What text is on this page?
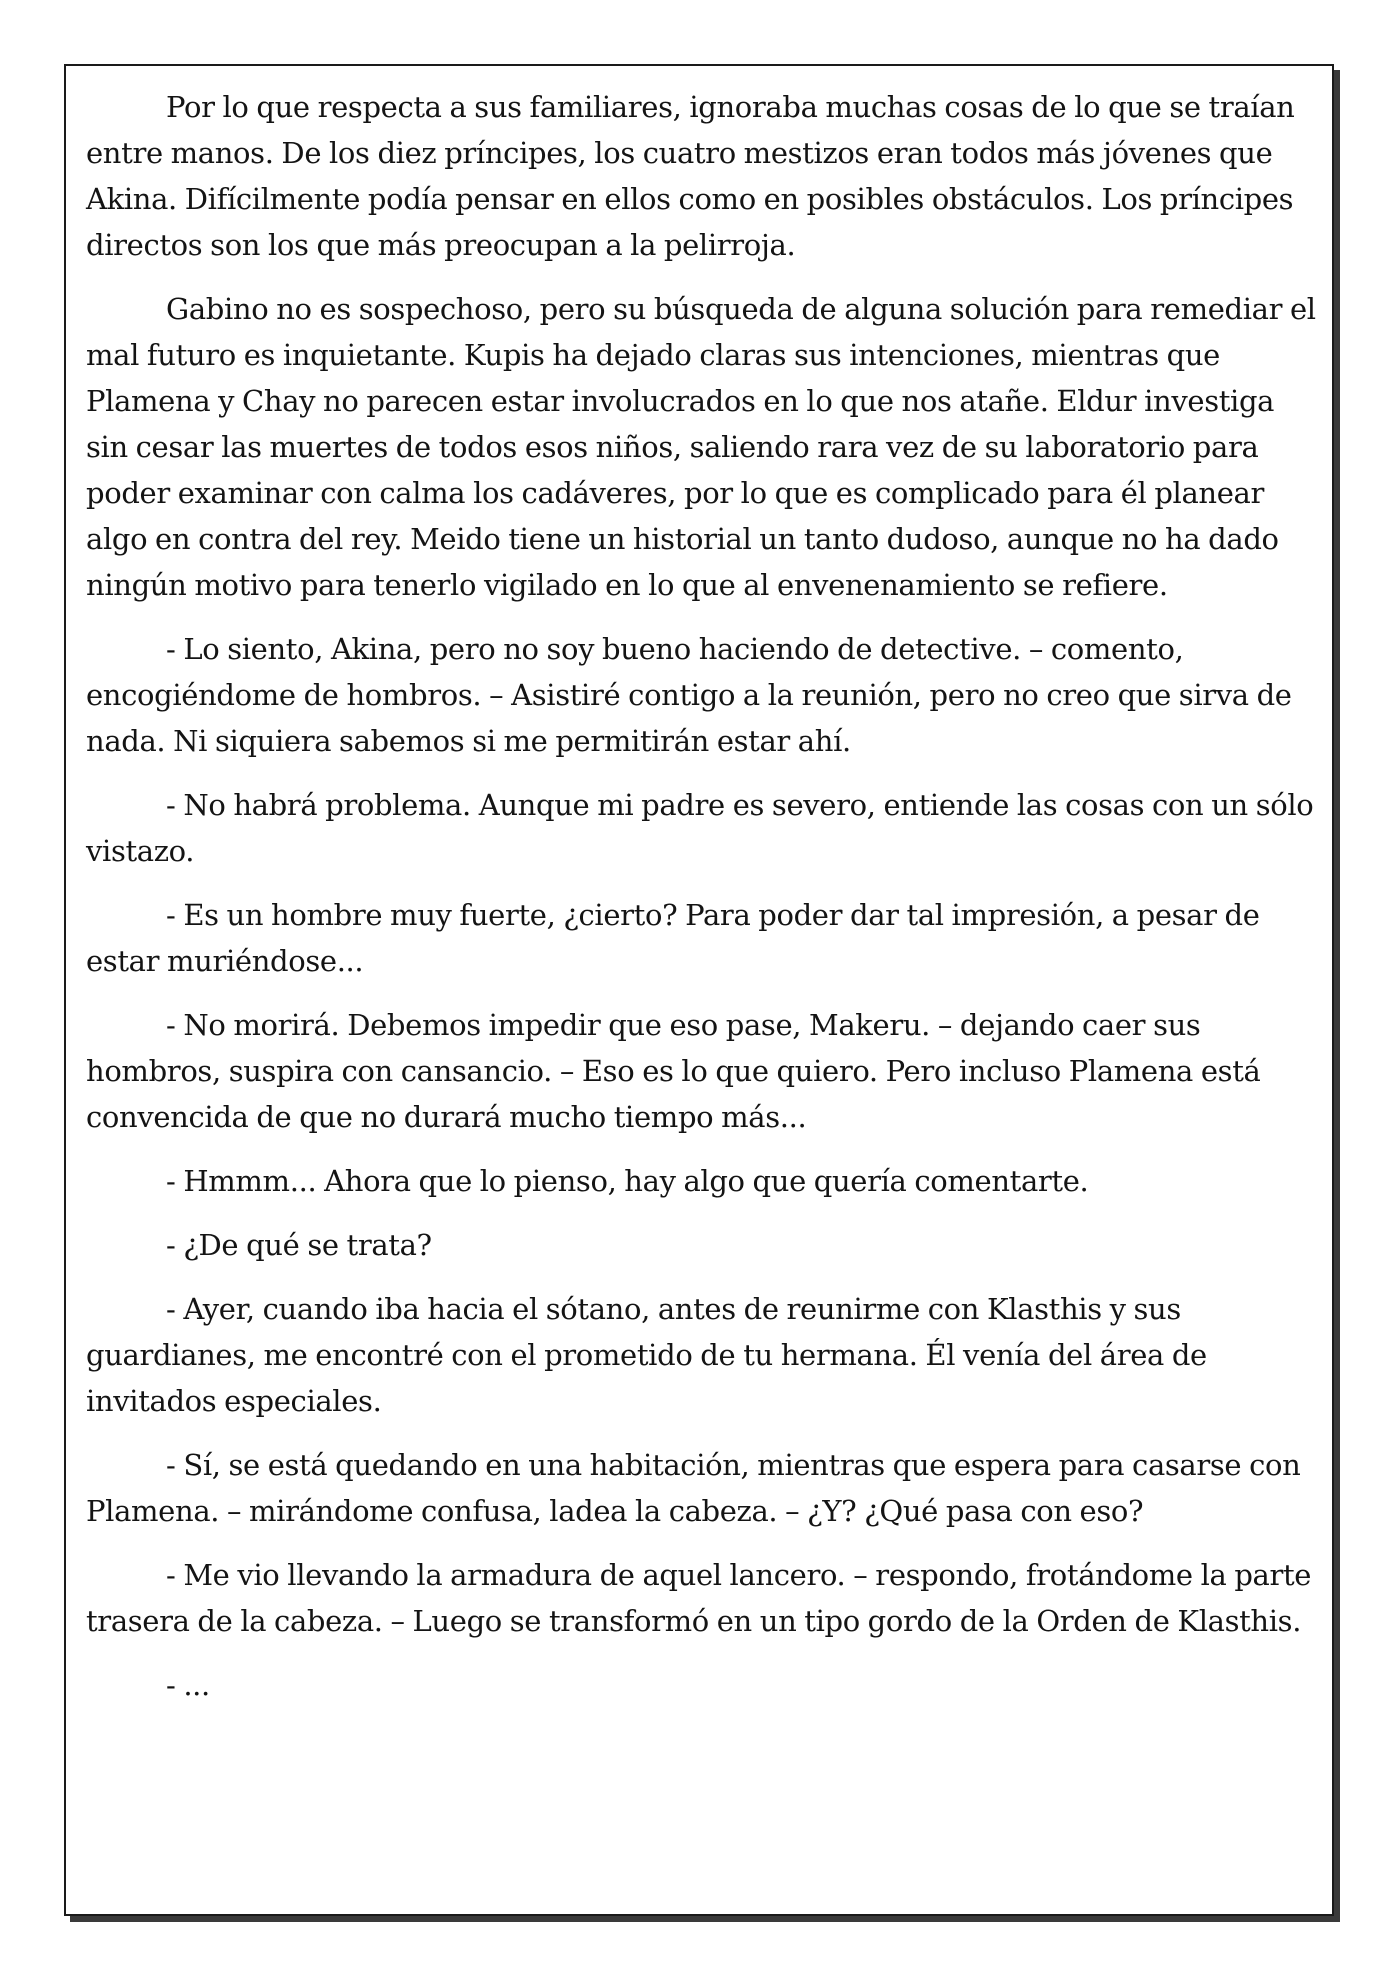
Por lo que respecta a sus familiares, ignoraba muchas cosas de lo que se traían entre manos. De los diez príncipes, los cuatro mestizos eran todos más jóvenes que Akina. Difícilmente podía pensar en ellos como en posibles obstáculos. Los príncipes directos son los que más preocupan a la pelirroja.

Gabino no es sospechoso, pero su búsqueda de alguna solución para remediar el mal futuro es inquietante. Kupis ha dejado claras sus intenciones, mientras que Plamena y Chay no parecen estar involucrados en lo que nos atañe. Eldur investiga sin cesar las muertes de todos esos niños, saliendo rara vez de su laboratorio para poder examinar con calma los cadáveres, por lo que es complicado para él planear algo en contra del rey. Meido tiene un historial un tanto dudoso, aunque no ha dado ningún motivo para tenerlo vigilado en lo que al envenenamiento se refiere.

- Lo siento, Akina, pero no soy bueno haciendo de detective. – comento, encogiéndome de hombros. – Asistiré contigo a la reunión, pero no creo que sirva de nada. Ni siquiera sabemos si me permitirán estar ahí.

- No habrá problema. Aunque mi padre es severo, entiende las cosas con un sólo vistazo.

- Es un hombre muy fuerte, ¿cierto? Para poder dar tal impresión, a pesar de estar muriéndose...

- No morirá. Debemos impedir que eso pase, Makeru. – dejando caer sus hombros, suspira con cansancio. – Eso es lo que quiero. Pero incluso Plamena está convencida de que no durará mucho tiempo más...

- Hmmm... Ahora que lo pienso, hay algo que quería comentarte.

- ¿De qué se trata?

- Ayer, cuando iba hacia el sótano, antes de reunirme con Klasthis y sus guardianes, me encontré con el prometido de tu hermana. Él venía del área de invitados especiales.

- Sí, se está quedando en una habitación, mientras que espera para casarse con Plamena. – mirándome confusa, ladea la cabeza. – ¿Y? ¿Qué pasa con eso?

- Me vio llevando la armadura de aquel lancero. – respondo, frotándome la parte trasera de la cabeza. – Luego se transformó en un tipo gordo de la Orden de Klasthis.

- ...
